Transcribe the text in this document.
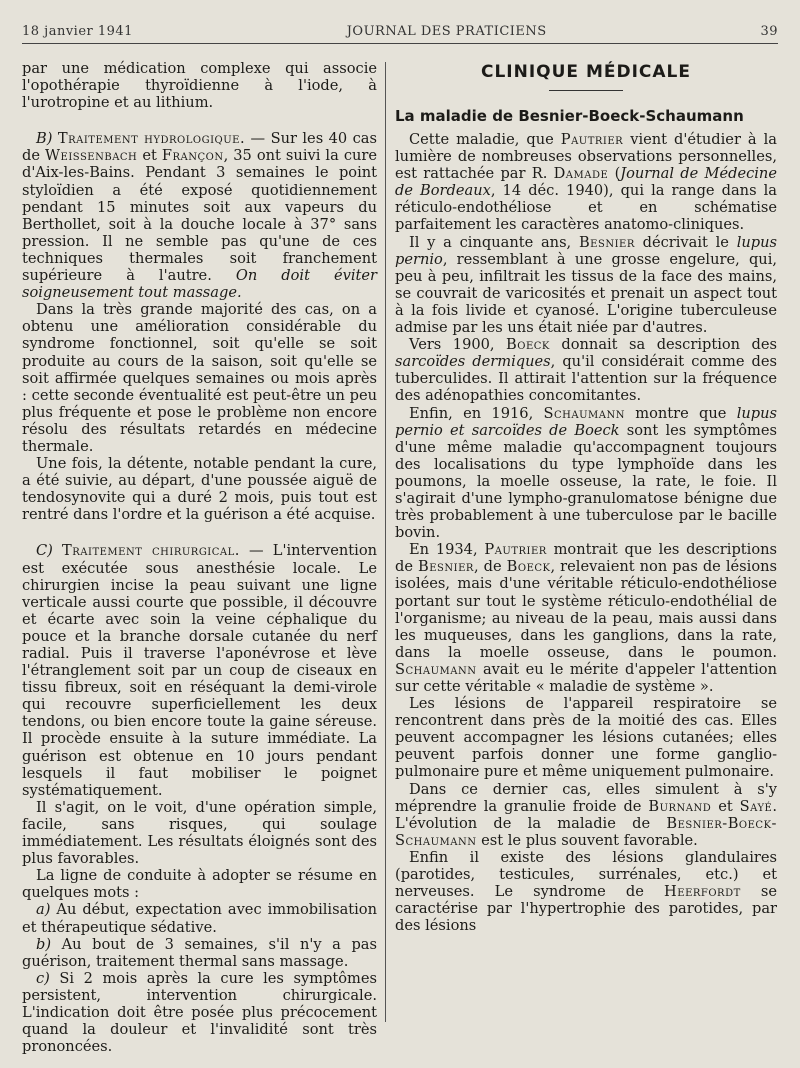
18 janvier 1941	JOURNAL DES PRATICIENS	39

par une médication complexe qui associe l'opothérapie thyroïdienne à l'iode, à l'urotropine et au lithium.

B) Traitement hydrologique. — Sur les 40 cas de Weissenbach et Françon, 35 ont suivi la cure d'Aix-les-Bains. Pendant 3 semaines le point styloïdien a été exposé quotidiennement pendant 15 minutes soit aux vapeurs du Berthollet, soit à la douche locale à 37° sans pression. Il ne semble pas qu'une de ces techniques thermales soit franchement supérieure à l'autre. On doit éviter soigneusement tout massage.

Dans la très grande majorité des cas, on a obtenu une amélioration considérable du syndrome fonctionnel, soit qu'elle se soit produite au cours de la saison, soit qu'elle se soit affirmée quelques semaines ou mois après : cette seconde éventualité est peut-être un peu plus fréquente et pose le problème non encore résolu des résultats retardés en médecine thermale.

Une fois, la détente, notable pendant la cure, a été suivie, au départ, d'une poussée aiguë de tendosynovite qui a duré 2 mois, puis tout est rentré dans l'ordre et la guérison a été acquise.

C) Traitement chirurgical. — L'intervention est exécutée sous anesthésie locale. Le chirurgien incise la peau suivant une ligne verticale aussi courte que possible, il découvre et écarte avec soin la veine céphalique du pouce et la branche dorsale cutanée du nerf radial. Puis il traverse l'aponévrose et lève l'étranglement soit par un coup de ciseaux en tissu fibreux, soit en réséquant la demi-virole qui recouvre superficiellement les deux tendons, ou bien encore toute la gaine séreuse. Il procède ensuite à la suture immédiate. La guérison est obtenue en 10 jours pendant lesquels il faut mobiliser le poignet systématiquement.

Il s'agit, on le voit, d'une opération simple, facile, sans risques, qui soulage immédiatement. Les résultats éloignés sont des plus favorables.

La ligne de conduite à adopter se résume en quelques mots :

a) Au début, expectation avec immobilisation et thérapeutique sédative.

b) Au bout de 3 semaines, s'il n'y a pas guérison, traitement thermal sans massage.

c) Si 2 mois après la cure les symptômes persistent, intervention chirurgicale. L'indication doit être posée plus précocement quand la douleur et l'invalidité sont très prononcées.

CLINIQUE MÉDICALE
La maladie de Besnier-Boeck-Schaumann

Cette maladie, que Pautrier vient d'étudier à la lumière de nombreuses observations personnelles, est rattachée par R. Damade (Journal de Médecine de Bordeaux, 14 déc. 1940), qui la range dans la réticulo-endothéliose et en schématise parfaitement les caractères anatomo-cliniques.

Il y a cinquante ans, Besnier décrivait le lupus pernio, ressemblant à une grosse engelure, qui, peu à peu, infiltrait les tissus de la face des mains, se couvrait de varicosités et prenait un aspect tout à la fois livide et cyanosé. L'origine tuberculeuse admise par les uns était niée par d'autres.

Vers 1900, Boeck donnait sa description des sarcoïdes dermiques, qu'il considérait comme des tuberculides. Il attirait l'attention sur la fréquence des adénopathies concomitantes.

Enfin, en 1916, Schaumann montre que lupus pernio et sarcoïdes de Boeck sont les symptômes d'une même maladie qu'accompagnent toujours des localisations du type lymphoïde dans les poumons, la moelle osseuse, la rate, le foie. Il s'agirait d'une lympho-granulomatose bénigne due très probablement à une tuberculose par le bacille bovin.

En 1934, Pautrier montrait que les descriptions de Besnier, de Boeck, relevaient non pas de lésions isolées, mais d'une véritable réticulo-endothéliose portant sur tout le système réticulo-endothélial de l'organisme; au niveau de la peau, mais aussi dans les muqueuses, dans les ganglions, dans la rate, dans la moelle osseuse, dans le poumon. Schaumann avait eu le mérite d'appeler l'attention sur cette véritable « maladie de système ».

Les lésions de l'appareil respiratoire se rencontrent dans près de la moitié des cas. Elles peuvent accompagner les lésions cutanées; elles peuvent parfois donner une forme ganglio-pulmonaire pure et même uniquement pulmonaire.

Dans ce dernier cas, elles simulent à s'y méprendre la granulie froide de Burnand et Sayé. L'évolution de la maladie de Besnier-Boeck-Schaumann est le plus souvent favorable.

Enfin il existe des lésions glandulaires (parotides, testicules, surrénales, etc.) et nerveuses. Le syndrome de Heerfordt se caractérise par l'hypertrophie des parotides, par des lésions
